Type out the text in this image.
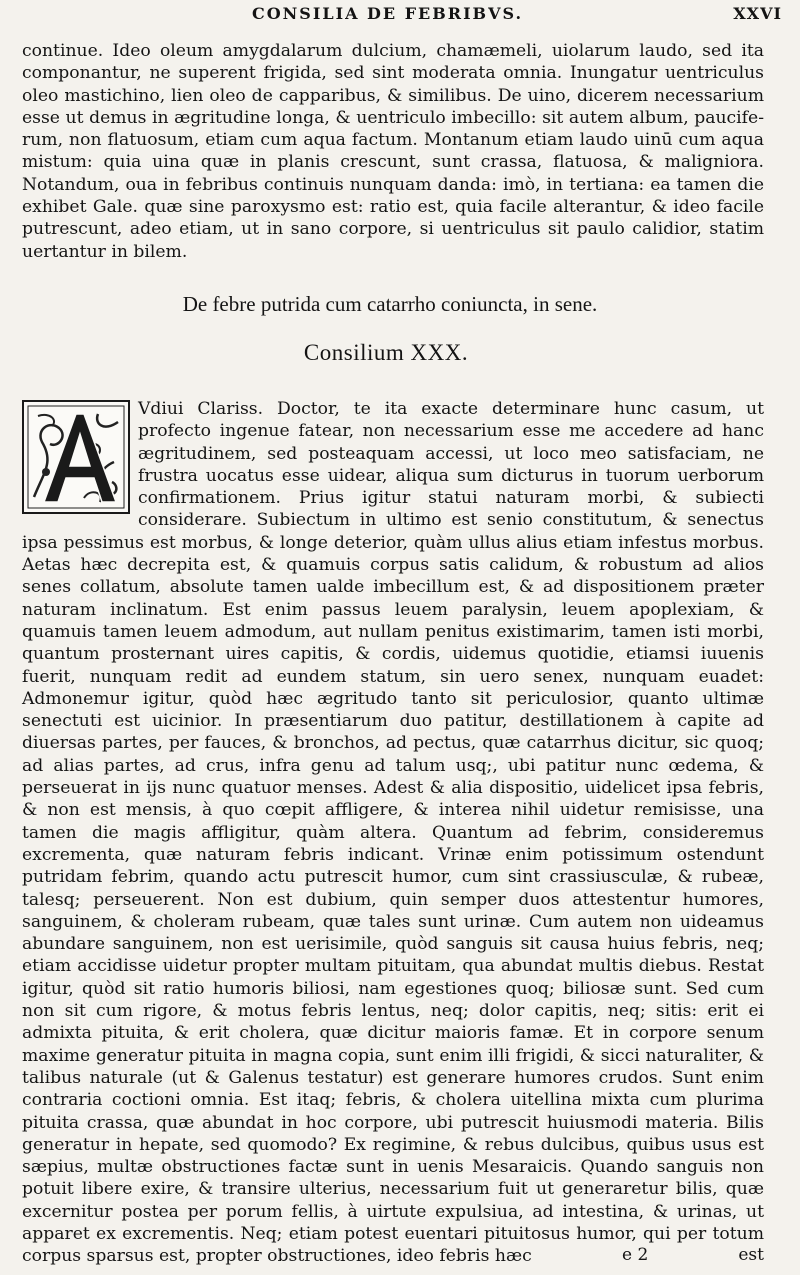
CONSILIA DE FEBRIBVS.	XXVI

continue. Ideo oleum amygdalarum dulcium, chamæmeli, uiolarum laudo, sed ita componantur, ne superent frigida, sed sint moderata omnia. Inungatur uentriculus oleo mastichino, lien oleo de capparibus, & similibus. De uino, dicerem necessarium esse ut demus in ægritudine longa, & uentriculo imbecillo: sit autem album, paucife-rum, non flatuosum, etiam cum aqua factum. Montanum etiam laudo uinū cum aqua mistum: quia uina quæ in planis crescunt, sunt crassa, flatuosa, & maligniora. Notandum, oua in febribus continuis nunquam danda: imò, in tertiana: ea tamen die exhibet Gale. quæ sine paroxysmo est: ratio est, quia facile alterantur, & ideo facile putrescunt, adeo etiam, ut in sano corpore, si uentriculus sit paulo calidior, statim uertantur in bilem.

De febre putrida cum catarrho coniuncta, in sene.
Consilium XXX.
Vdiui Clariss. Doctor, te ita exacte determinare hunc casum, ut profecto ingenue fatear, non necessarium esse me accedere ad hanc ægritudinem, sed posteaquam accessi, ut loco meo satisfaciam, ne frustra uocatus esse uidear, aliqua sum dicturus in tuorum uerborum confirmationem. Prius igitur statui naturam morbi, & subiecti considerare. Subiectum in ultimo est senio constitutum, & senectus ipsa pessimus est morbus, & longe deterior, quàm ullus alius etiam infestus morbus. Aetas hæc decrepita est, & quamuis corpus satis calidum, & robustum ad alios senes collatum, absolute tamen ualde imbecillum est, & ad dispositionem præter naturam inclinatum. Est enim passus leuem paralysin, leuem apoplexiam, & quamuis tamen leuem admodum, aut nullam penitus existimarim, tamen isti morbi, quantum prosternant uires capitis, & cordis, uidemus quotidie, etiamsi iuuenis fuerit, nunquam redit ad eundem statum, sin uero senex, nunquam euadet: Admonemur igitur, quòd hæc ægritudo tanto sit periculosior, quanto ultimæ senectuti est uicinior. In præsentiarum duo patitur, destillationem à capite ad diuersas partes, per fauces, & bronchos, ad pectus, quæ catarrhus dicitur, sic quoq; ad alias partes, ad crus, infra genu ad talum usq;, ubi patitur nunc œdema, & perseuerat in ijs nunc quatuor menses. Adest & alia dispositio, uidelicet ipsa febris, & non est mensis, à quo cœpit affligere, & interea nihil uidetur remisisse, una tamen die magis affligitur, quàm altera. Quantum ad febrim, consideremus excrementa, quæ naturam febris indicant. Vrinæ enim potissimum ostendunt putridam febrim, quando actu putrescit humor, cum sint crassiusculæ, & rubeæ, talesq; perseuerent. Non est dubium, quin semper duos attestentur humores, sanguinem, & choleram rubeam, quæ tales sunt urinæ. Cum autem non uideamus abundare sanguinem, non est uerisimile, quòd sanguis sit causa huius febris, neq; etiam accidisse uidetur propter multam pituitam, qua abundat multis diebus. Restat igitur, quòd sit ratio humoris biliosi, nam egestiones quoq; biliosæ sunt. Sed cum non sit cum rigore, & motus febris lentus, neq; dolor capitis, neq; sitis: erit ei admixta pituita, & erit cholera, quæ dicitur maioris famæ. Et in corpore senum maxime generatur pituita in magna copia, sunt enim illi frigidi, & sicci naturaliter, & talibus naturale (ut & Galenus testatur) est generare humores crudos. Sunt enim contraria coctioni omnia. Est itaq; febris, & cholera uitellina mixta cum plurima pituita crassa, quæ abundat in hoc corpore, ubi putrescit huiusmodi materia. Bilis generatur in hepate, sed quomodo? Ex regimine, & rebus dulcibus, quibus usus est sæpius, multæ obstructiones factæ sunt in uenis Mesaraicis. Quando sanguis non potuit libere exire, & transire ulterius, necessarium fuit ut generaretur bilis, quæ excernitur postea per porum fellis, à uirtute expulsiua, ad intestina, & urinas, ut apparet ex excrementis. Neq; etiam potest euentari pituitosus humor, qui per totum corpus sparsus est, propter obstructiones, ideo febris hæc	e 2	est
